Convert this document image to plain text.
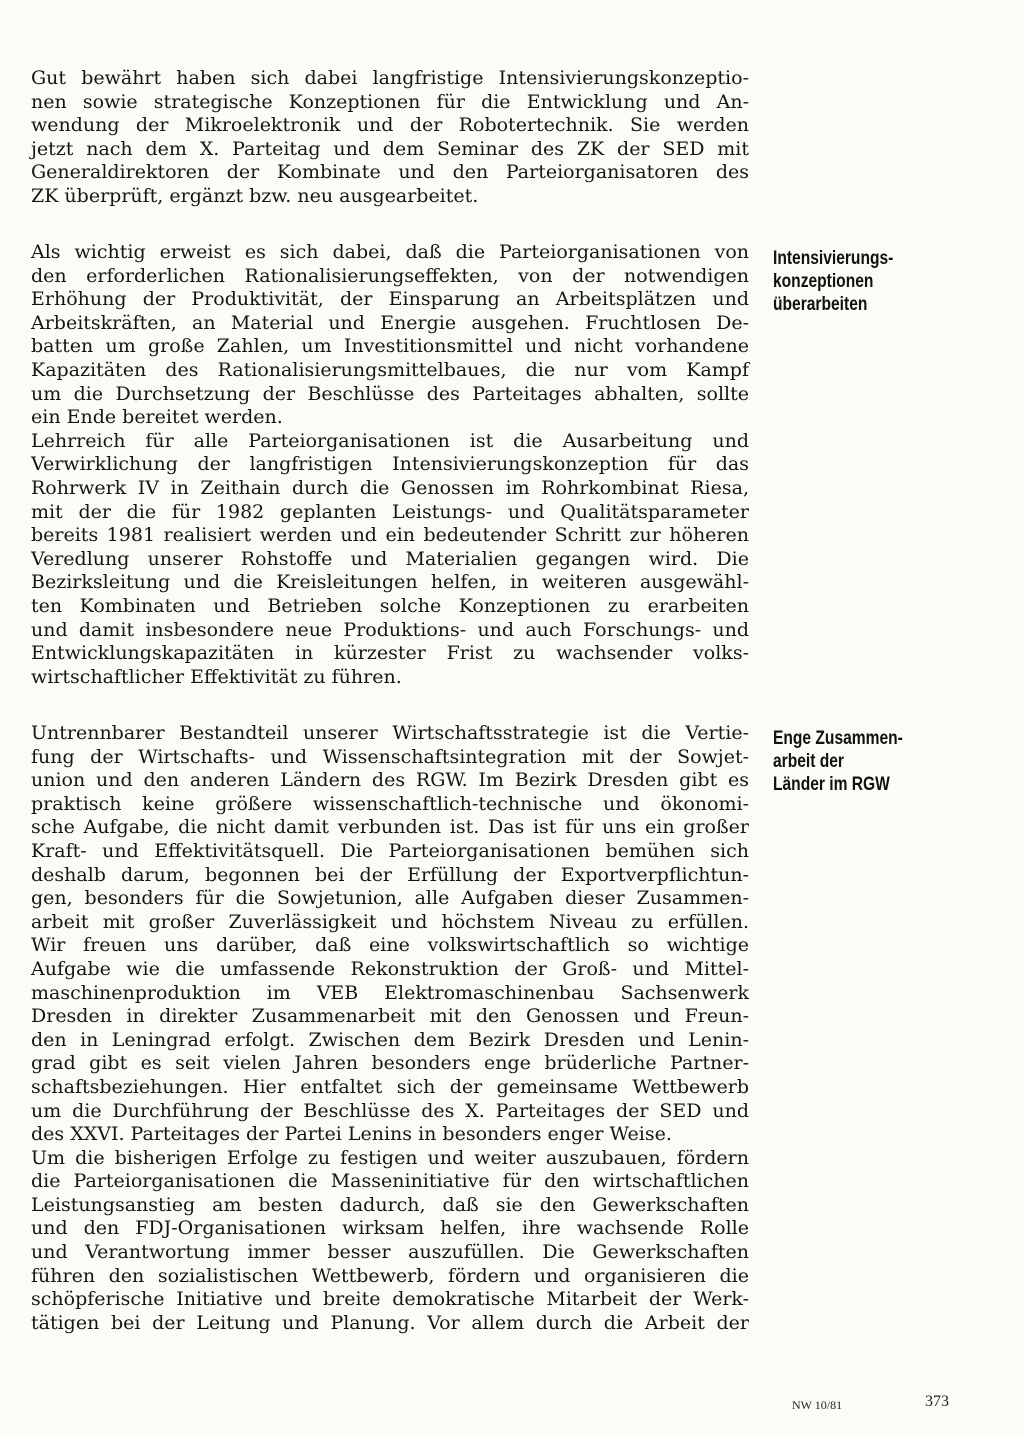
Gut bewährt haben sich dabei langfristige Intensivierungskonzeptio-
nen sowie strategische Konzeptionen für die Entwicklung und An-
wendung der Mikroelektronik und der Robotertechnik. Sie werden
jetzt nach dem X. Parteitag und dem Seminar des ZK der SED mit
Generaldirektoren der Kombinate und den Parteiorganisatoren des
ZK überprüft, ergänzt bzw. neu ausgearbeitet.
Als wichtig erweist es sich dabei, daß die Parteiorganisationen von
den erforderlichen Rationalisierungseffekten, von der notwendigen
Erhöhung der Produktivität, der Einsparung an Arbeitsplätzen und
Arbeitskräften, an Material und Energie ausgehen. Fruchtlosen De-
batten um große Zahlen, um Investitionsmittel und nicht vorhandene
Kapazitäten des Rationalisierungsmittelbaues, die nur vom Kampf
um die Durchsetzung der Beschlüsse des Parteitages abhalten, sollte
ein Ende bereitet werden.
Lehrreich für alle Parteiorganisationen ist die Ausarbeitung und
Verwirklichung der langfristigen Intensivierungskonzeption für das
Rohrwerk IV in Zeithain durch die Genossen im Rohrkombinat Riesa,
mit der die für 1982 geplanten Leistungs- und Qualitätsparameter
bereits 1981 realisiert werden und ein bedeutender Schritt zur höheren
Veredlung unserer Rohstoffe und Materialien gegangen wird. Die
Bezirksleitung und die Kreisleitungen helfen, in weiteren ausgewähl-
ten Kombinaten und Betrieben solche Konzeptionen zu erarbeiten
und damit insbesondere neue Produktions- und auch Forschungs- und
Entwicklungskapazitäten in kürzester Frist zu wachsender volks-
wirtschaftlicher Effektivität zu führen.
Intensivierungs-
konzeptionen
überarbeiten
Untrennbarer Bestandteil unserer Wirtschaftsstrategie ist die Vertie-
fung der Wirtschafts- und Wissenschaftsintegration mit der Sowjet-
union und den anderen Ländern des RGW. Im Bezirk Dresden gibt es
praktisch keine größere wissenschaftlich-technische und ökonomi-
sche Aufgabe, die nicht damit verbunden ist. Das ist für uns ein großer
Kraft- und Effektivitätsquell. Die Parteiorganisationen bemühen sich
deshalb darum, begonnen bei der Erfüllung der Exportverpflichtun-
gen, besonders für die Sowjetunion, alle Aufgaben dieser Zusammen-
arbeit mit großer Zuverlässigkeit und höchstem Niveau zu erfüllen.
Wir freuen uns darüber, daß eine volkswirtschaftlich so wichtige
Aufgabe wie die umfassende Rekonstruktion der Groß- und Mittel-
maschinenproduktion im VEB Elektromaschinenbau Sachsenwerk
Dresden in direkter Zusammenarbeit mit den Genossen und Freun-
den in Leningrad erfolgt. Zwischen dem Bezirk Dresden und Lenin-
grad gibt es seit vielen Jahren besonders enge brüderliche Partner-
schaftsbeziehungen. Hier entfaltet sich der gemeinsame Wettbewerb
um die Durchführung der Beschlüsse des X. Parteitages der SED und
des XXVI. Parteitages der Partei Lenins in besonders enger Weise.
Um die bisherigen Erfolge zu festigen und weiter auszubauen, fördern
die Parteiorganisationen die Masseninitiative für den wirtschaftlichen
Leistungsanstieg am besten dadurch, daß sie den Gewerkschaften
und den FDJ-Organisationen wirksam helfen, ihre wachsende Rolle
und Verantwortung immer besser auszufüllen. Die Gewerkschaften
führen den sozialistischen Wettbewerb, fördern und organisieren die
schöpferische Initiative und breite demokratische Mitarbeit der Werk-
tätigen bei der Leitung und Planung. Vor allem durch die Arbeit der
Enge Zusammen-
arbeit der
Länder im RGW
NW 10/81	373
